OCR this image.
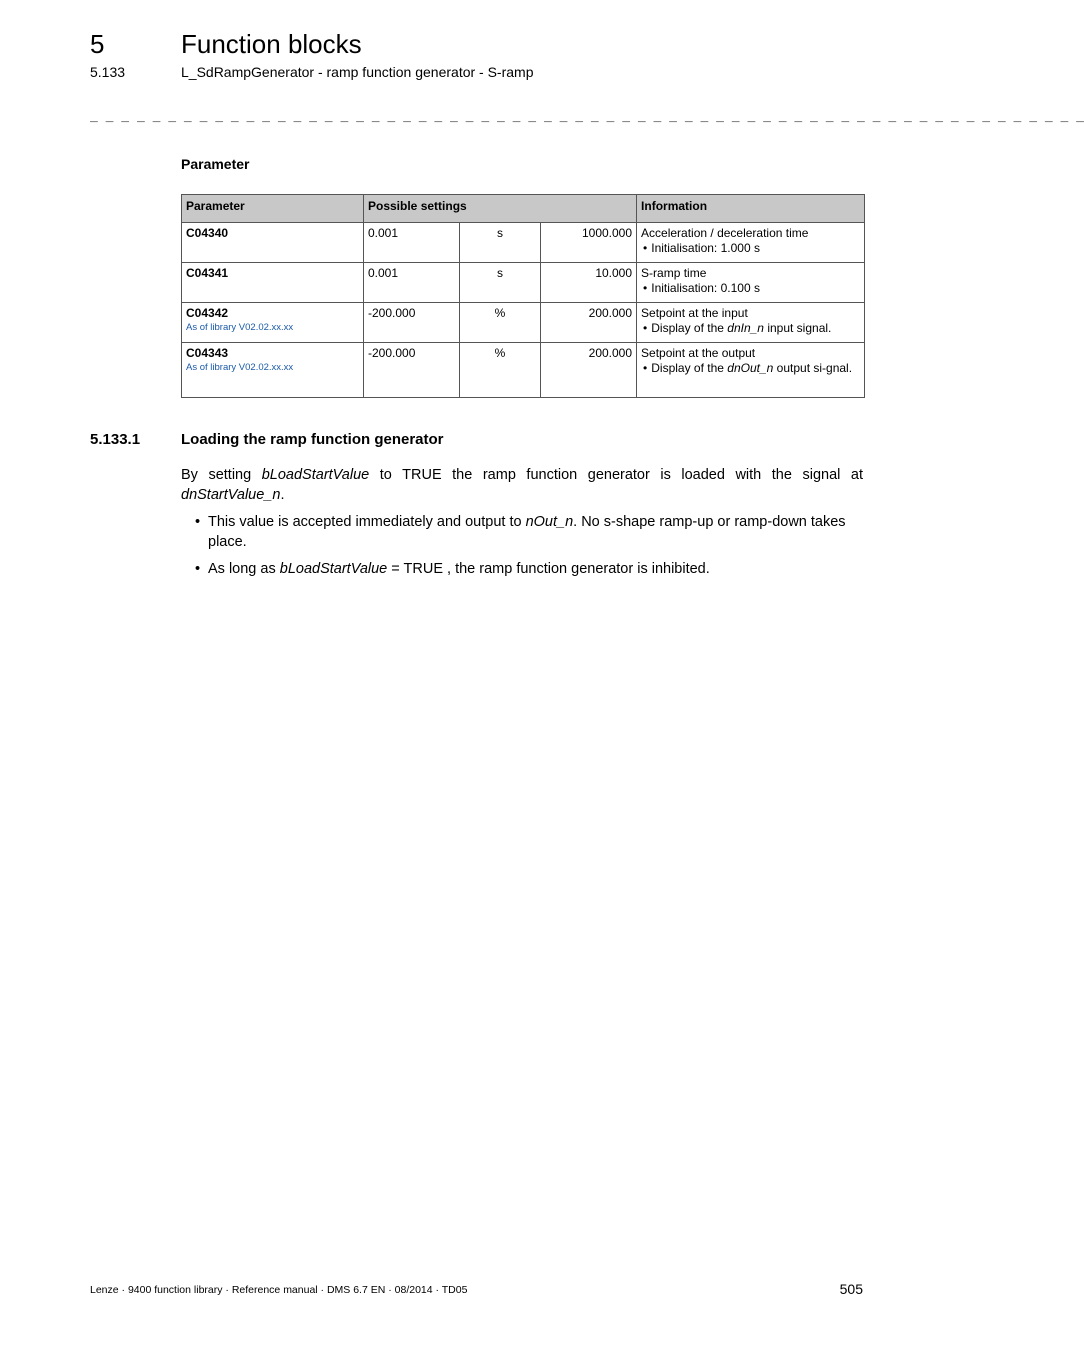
5	Function blocks
5.133	L_SdRampGenerator - ramp function generator - S-ramp
_ _ _ _ _ _ _ _ _ _ _ _ _ _ _ _ _ _ _ _ _ _ _ _ _ _ _ _ _ _ _ _ _ _ _ _ _ _ _ _ _ _ _ _ _ _ _ _ _ _ _ _ _ _ _ _ _ _ _ _ _ _ _ _
Parameter
Parameter	Possible settings			Information

C04340	0.001	s	1000.000	Acceleration / deceleration time
• Initialisation: 1.000 s

C04341	0.001	s	10.000	S-ramp time
• Initialisation: 0.100 s

C04342
As of library V02.02.xx.xx	-200.000	%	200.000	Setpoint at the input
• Display of the dnIn_n input signal.

C04343
As of library V02.02.xx.xx	-200.000	%	200.000	Setpoint at the output
• Display of the dnOut_n output si-gnal.
5.133.1	Loading the ramp function generator
By setting bLoadStartValue to TRUE the ramp function generator is loaded with the signal at dnStartValue_n.
• This value is accepted immediately and output to nOut_n. No s-shape ramp-up or ramp-down takes place.
• As long as bLoadStartValue = TRUE , the ramp function generator is inhibited.
Lenze · 9400 function library · Reference manual · DMS 6.7 EN · 08/2014 · TD05	505
